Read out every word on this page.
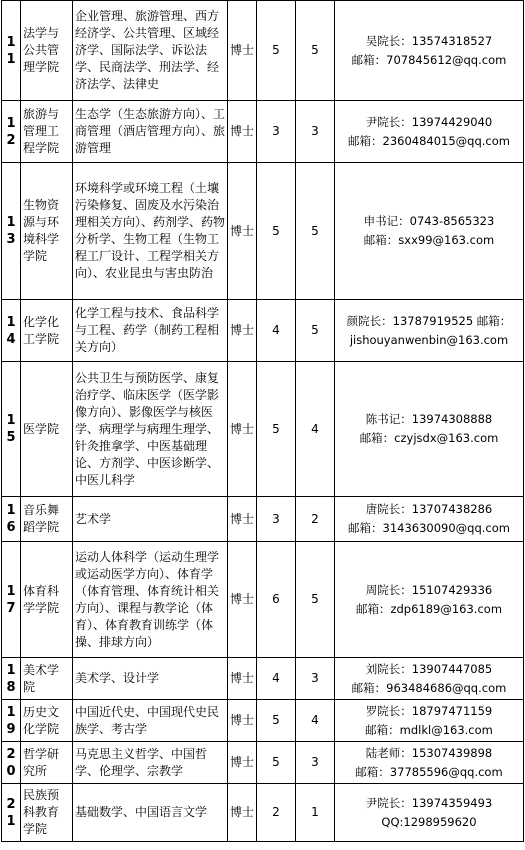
11	法学与公共管理学院	企业管理、旅游管理、西方经济学、公共管理、区域经济学、国际法学、诉讼法学、民商法学、刑法学、经济法学、法律史	博士	5	5	吴院长：13574318527
邮箱：707845612@qq.com

12	旅游与管理工程学院	生态学（生态旅游方向）、工商管理（酒店管理方向）、旅游管理	博士	3	3	尹院长：13974429040
邮箱：2360484015@qq.com

13	生物资源与环境科学学院	环境科学或环境工程（土壤污染修复、固废及水污染治理相关方向）、药剂学、药物分析学、生物工程（生物工程工厂设计、工程学相关方向）、农业昆虫与害虫防治	博士	5	5	申书记：0743-8565323
邮箱：sxx99@163.com

14	化学化工学院	化学工程与技术、食品科学与工程、药学（制药工程相关方向）	博士	4	5	颜院长：13787919525 邮箱：
jishouyanwenbin@163.com

15	医学院	公共卫生与预防医学、康复治疗学、临床医学（医学影像方向）、影像医学与核医学、病理学与病理生理学、针灸推拿学、中医基础理论、方剂学、中医诊断学、中医儿科学	博士	5	4	陈书记：13974308888
邮箱：czyjsdx@163.com

16	音乐舞蹈学院	艺术学	博士	3	2	唐院长：13707438286
邮箱：3143630090@qq.com

17	体育科学学院	运动人体科学（运动生理学或运动医学方向）、体育学（体育管理、体育统计相关方向）、课程与教学论（体育）、体育教育训练学（体操、排球方向）	博士	6	5	周院长：15107429336
邮箱：zdp6189@163.com

18	美术学院	美术学、设计学	博士	4	3	刘院长：13907447085
邮箱：963484686@qq.com

19	历史文化学院	中国近代史、中国现代史民族学、考古学	博士	5	4	罗院长：18797471159
邮箱：mdlkl@163.com

20	哲学研究所	马克思主义哲学、中国哲学、伦理学、宗教学	博士	5	3	陆老师：15307439898
邮箱：37785596@qq.com

21	民族预科教育学院	基础数学、中国语言文学	博士	2	1	尹院长：13974359493
QQ:1298959620
